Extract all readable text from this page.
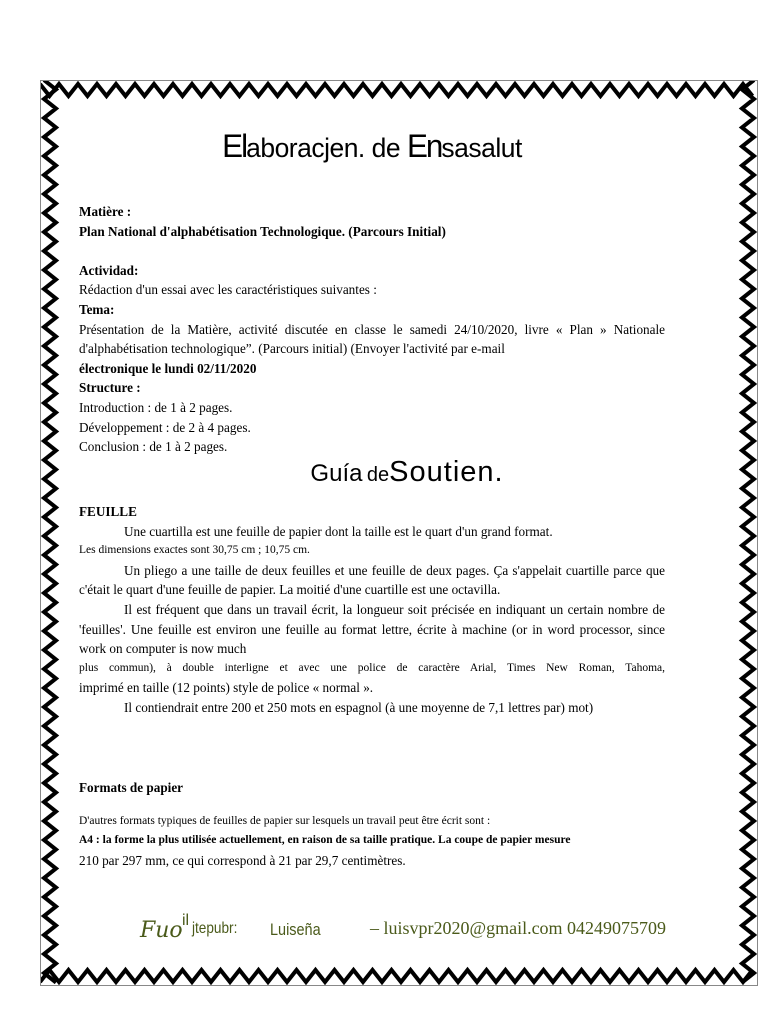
Elaboracjen. de Ensasalut

Matière :

Plan National d'alphabétisation Technologique. (Parcours Initial)

Actividad:

Rédaction d'un essai avec les caractéristiques suivantes :

Tema:

Présentation de la Matière, activité discutée en classe le samedi 24/10/2020, livre « Plan » Nationale d'alphabétisation technologique”. (Parcours initial) (Envoyer l'activité par e-mail

électronique le lundi 02/11/2020

Structure :

Introduction : de 1 à 2 pages.

Développement : de 2 à 4 pages.

Conclusion : de 1 à 2 pages.

Guía deSoutien.

FEUILLE

Une cuartilla est une feuille de papier dont la taille est le quart d'un grand format.

Les dimensions exactes sont 30,75 cm ; 10,75 cm.

Un pliego a une taille de deux feuilles et une feuille de deux pages. Ça s'appelait cuartille parce que c'était le quart d'une feuille de papier. La moitié d'une cuartille est une octavilla.

Il est fréquent que dans un travail écrit, la longueur soit précisée en indiquant un certain nombre de 'feuilles'. Une feuille est environ une feuille au format lettre, écrite à machine (or in word processor, since work on computer is now much

plus commun), à double interligne et avec une police de caractère Arial, Times New Roman, Tahoma,

imprimé en taille (12 points) style de police « normal ».

Il contiendrait entre 200 et 250 mots en espagnol (à une moyenne de 7,1 lettres par) mot)

Formats de papier

D'autres formats typiques de feuilles de papier sur lesquels un travail peut être écrit sont :

A4 : la forme la plus utilisée actuellement, en raison de sa taille pratique. La coupe de papier mesure

210 par 297 mm, ce qui correspond à 21 par 29,7 centimètres.

Fuo il jtepubr: Luiseña	– luisvpr2020@gmail.com 04249075709
